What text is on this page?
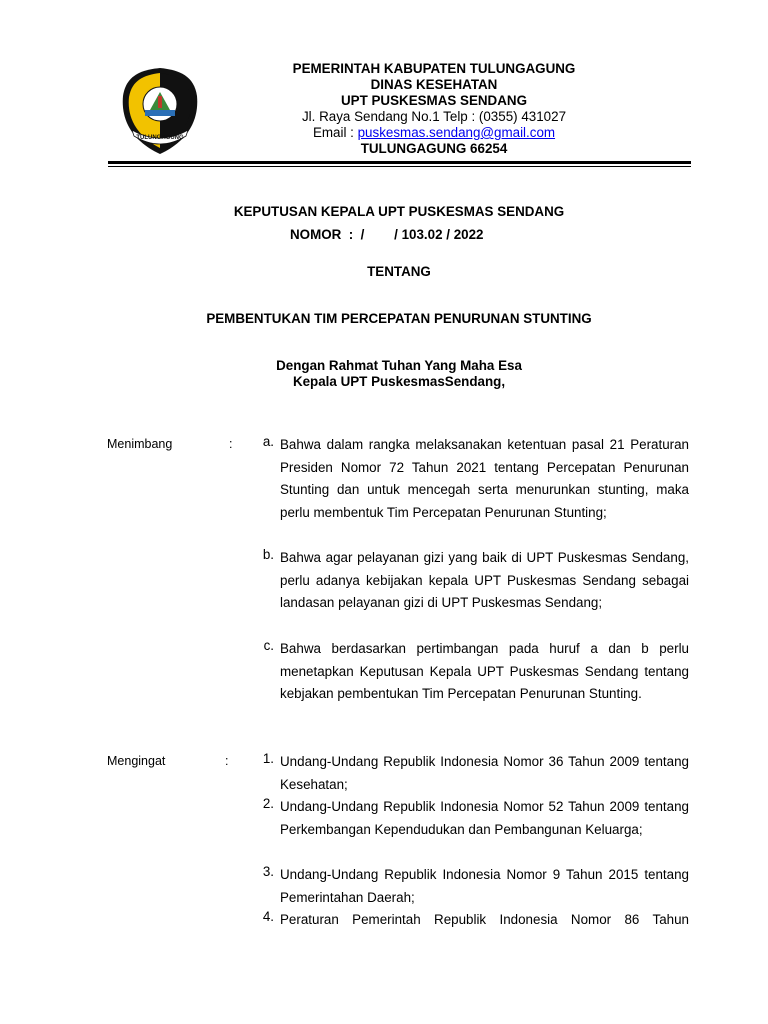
TULUNGAGUNG
PEMERINTAH KABUPATEN TULUNGAGUNG
DINAS KESEHATAN
UPT PUSKESMAS SENDANG
Jl. Raya Sendang No.1 Telp : (0355) 431027
Email : puskesmas.sendang@gmail.com
TULUNGAGUNG 66254
KEPUTUSAN KEPALA UPT PUSKESMAS SENDANG
NOMOR  :  /        / 103.02 / 2022
TENTANG
PEMBENTUKAN TIM PERCEPATAN PENURUNAN STUNTING
Dengan Rahmat Tuhan Yang Maha Esa
Kepala UPT PuskesmasSendang,
Menimbang	:	a. Bahwa dalam rangka melaksanakan ketentuan pasal 21 Peraturan Presiden Nomor 72 Tahun 2021 tentang Percepatan Penurunan Stunting dan untuk mencegah serta menurunkan stunting, maka perlu membentuk Tim Percepatan Penurunan Stunting;
b. Bahwa agar pelayanan gizi yang baik di UPT Puskesmas Sendang, perlu adanya kebijakan kepala UPT Puskesmas Sendang sebagai landasan pelayanan gizi di UPT Puskesmas Sendang;
c. Bahwa berdasarkan pertimbangan pada huruf a dan b perlu menetapkan Keputusan Kepala UPT Puskesmas Sendang tentang kebjakan pembentukan Tim Percepatan Penurunan Stunting.
Mengingat	:	1. Undang-Undang Republik Indonesia Nomor 36 Tahun 2009 tentang Kesehatan;
2. Undang-Undang Republik Indonesia Nomor 52 Tahun 2009 tentang Perkembangan Kependudukan dan Pembangunan Keluarga;
3. Undang-Undang Republik Indonesia Nomor 9 Tahun 2015 tentang Pemerintahan Daerah;
4. Peraturan Pemerintah Republik Indonesia Nomor 86 Tahun
